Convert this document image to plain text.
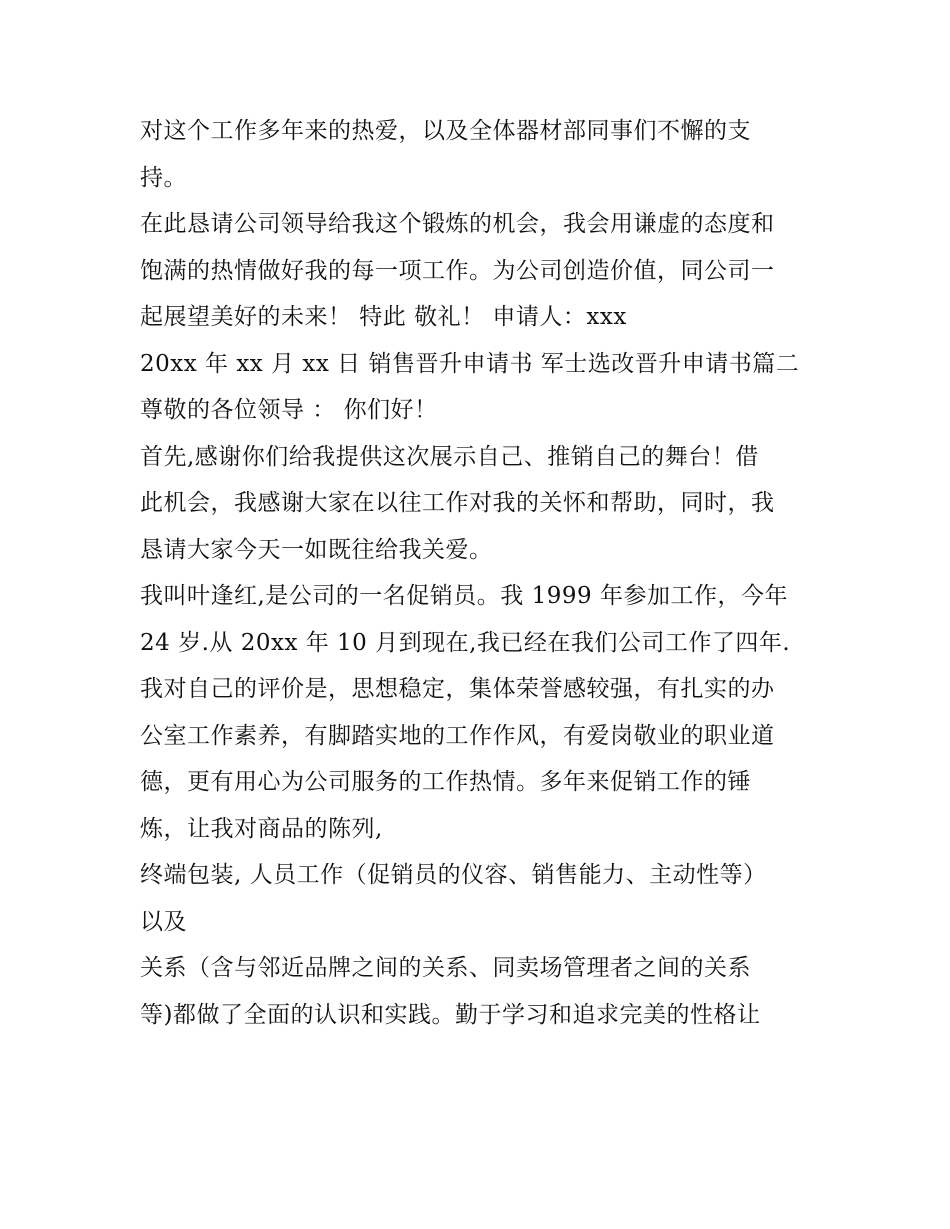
对这个工作多年来的热爱，以及全体器材部同事们不懈的支
持。
在此恳请公司领导给我这个锻炼的机会，我会用谦虚的态度和
饱满的热情做好我的每一项工作。为公司创造价值，同公司一
起展望美好的未来！ 特此 敬礼！ 申请人：xxx
20xx 年 xx 月 xx 日 销售晋升申请书 军士选改晋升申请书篇二
尊敬的各位领导 ： 你们好！
首先,感谢你们给我提供这次展示自己、推销自己的舞台！借
此机会，我感谢大家在以往工作对我的关怀和帮助，同时，我
恳请大家今天一如既往给我关爱。
我叫叶逢红,是公司的一名促销员。我 1999 年参加工作，今年
24 岁.从 20xx 年 10 月到现在,我已经在我们公司工作了四年.
我对自己的评价是，思想稳定，集体荣誉感较强，有扎实的办
公室工作素养，有脚踏实地的工作作风，有爱岗敬业的职业道
德，更有用心为公司服务的工作热情。多年来促销工作的锤
炼，让我对商品的陈列,
终端包装, 人员工作（促销员的仪容、销售能力、主动性等）
以及
关系（含与邻近品牌之间的关系、同卖场管理者之间的关系
等)都做了全面的认识和实践。勤于学习和追求完美的性格让
